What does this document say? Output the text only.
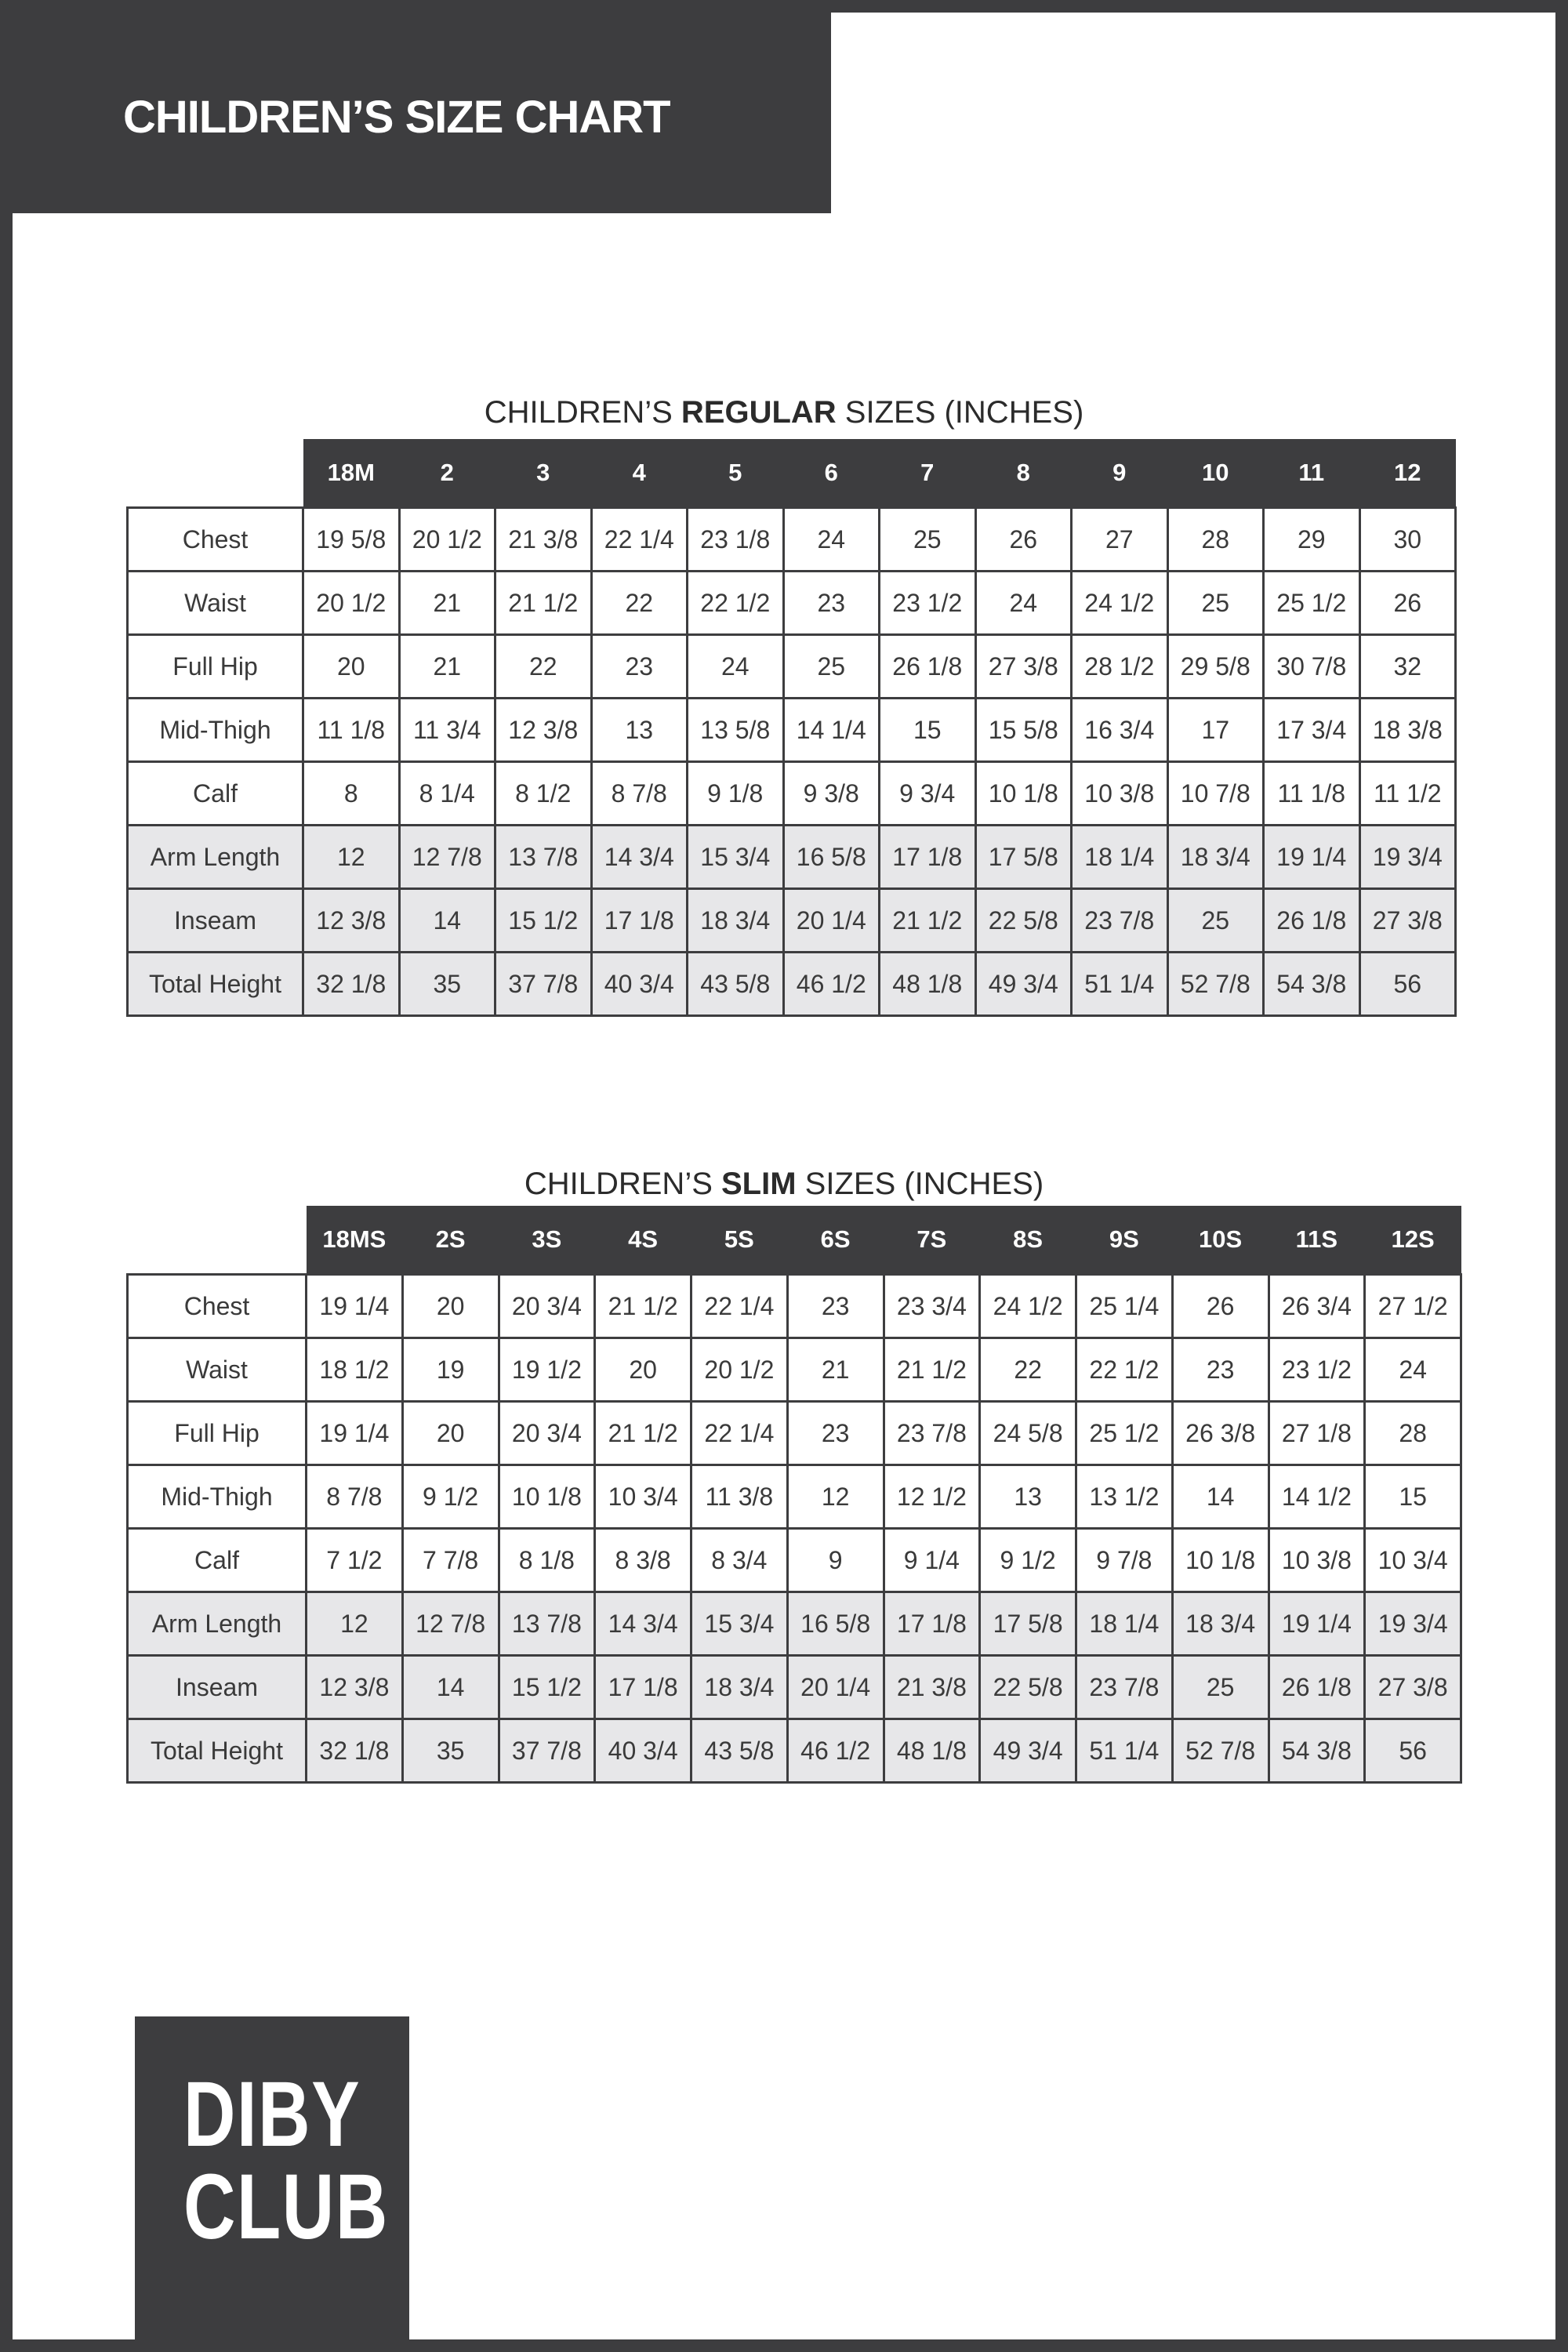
CHILDREN’S SIZE CHART
CHILDREN’S REGULAR SIZES (INCHES)
	18M	2	3	4	5	6	7	8	9	10	11	12
Chest	19 5/8	20 1/2	21 3/8	22 1/4	23 1/8	24	25	26	27	28	29	30
Waist	20 1/2	21	21 1/2	22	22 1/2	23	23 1/2	24	24 1/2	25	25 1/2	26
Full Hip	20	21	22	23	24	25	26 1/8	27 3/8	28 1/2	29 5/8	30 7/8	32
Mid-Thigh	11 1/8	11 3/4	12 3/8	13	13 5/8	14 1/4	15	15 5/8	16 3/4	17	17 3/4	18 3/8
Calf	8	8 1/4	8 1/2	8 7/8	9 1/8	9 3/8	9 3/4	10 1/8	10 3/8	10 7/8	11 1/8	11 1/2
Arm Length	12	12 7/8	13 7/8	14 3/4	15 3/4	16 5/8	17 1/8	17 5/8	18 1/4	18 3/4	19 1/4	19 3/4
Inseam	12 3/8	14	15 1/2	17 1/8	18 3/4	20 1/4	21 1/2	22 5/8	23 7/8	25	26 1/8	27 3/8
Total Height	32 1/8	35	37 7/8	40 3/4	43 5/8	46 1/2	48 1/8	49 3/4	51 1/4	52 7/8	54 3/8	56
CHILDREN’S SLIM SIZES (INCHES)
	18MS	2S	3S	4S	5S	6S	7S	8S	9S	10S	11S	12S
Chest	19 1/4	20	20 3/4	21 1/2	22 1/4	23	23 3/4	24 1/2	25 1/4	26	26 3/4	27 1/2
Waist	18 1/2	19	19 1/2	20	20 1/2	21	21 1/2	22	22 1/2	23	23 1/2	24
Full Hip	19 1/4	20	20 3/4	21 1/2	22 1/4	23	23 7/8	24 5/8	25 1/2	26 3/8	27 1/8	28
Mid-Thigh	8 7/8	9 1/2	10 1/8	10 3/4	11 3/8	12	12 1/2	13	13 1/2	14	14 1/2	15
Calf	7 1/2	7 7/8	8 1/8	8 3/8	8 3/4	9	9 1/4	9 1/2	9 7/8	10 1/8	10 3/8	10 3/4
Arm Length	12	12 7/8	13 7/8	14 3/4	15 3/4	16 5/8	17 1/8	17 5/8	18 1/4	18 3/4	19 1/4	19 3/4
Inseam	12 3/8	14	15 1/2	17 1/8	18 3/4	20 1/4	21 3/8	22 5/8	23 7/8	25	26 1/8	27 3/8
Total Height	32 1/8	35	37 7/8	40 3/4	43 5/8	46 1/2	48 1/8	49 3/4	51 1/4	52 7/8	54 3/8	56
DIBY
CLUB
